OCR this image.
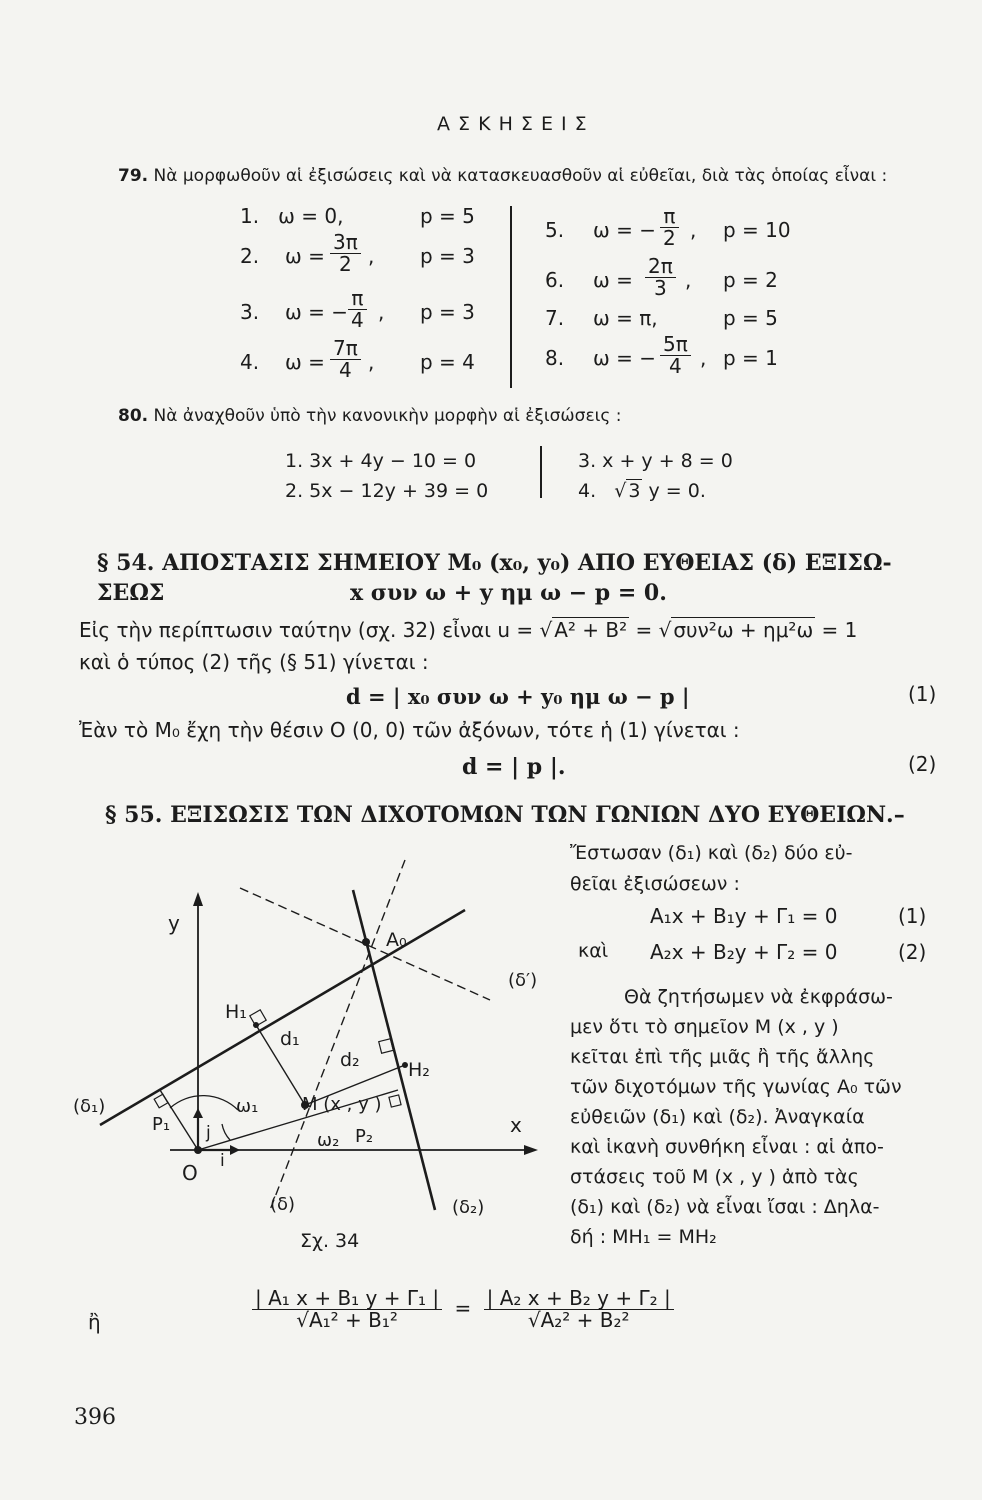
Α Σ Κ Η Σ Ε Ι Σ
79. Νὰ μορφωθοῦν αἱ ἐξισώσεις καὶ νὰ κατασκευασθοῦν αἱ εὐθεῖαι, διὰ τὰς ὁποίας εἶναι :
1. ω = 0,	p = 5
2. $\omega = \frac{3\pi}{2}$ , p = 3
3. ω = − $\frac{\pi}{4}$ , p = 3
4. $\omega = \frac{7\pi}{4}$ , p = 4
5. ω = − $\frac{\pi}{2}$ , p = 10
6. $\omega = \frac{2\pi}{3}$ , p = 2
7. ω = π,	p = 5
8. ω = − $\frac{5\pi}{4}$ , p = 1
80. Νὰ ἀναχθοῦν ὑπὸ τὴν κανονικὴν μορφὴν αἱ ἐξισώσεις :
1. 3x + 4y − 10 = 0
2. 5x − 12y + 39 = 0
3. x + y + 8 = 0
4.   √ 3 y = 0.
§ 54. ΑΠΟΣΤΑΣΙΣ ΣΗΜΕΙΟΥ M₀ (x₀, y₀) ΑΠΟ ΕΥΘΕΙΑΣ (δ) ΕΞΙΣΩ-
ΣΕΩΣ	x συν ω + y ημ ω − p = 0.
Εἰς τὴν περίπτωσιν ταύτην (σχ. 32) εἶναι u = √ A² + B² = √ συν²ω + ημ²ω = 1
καὶ ὁ τύπος (2) τῆς (§ 51) γίνεται :
d = | x₀ συν ω + y₀ ημ ω − p |	(1)
Ἐὰν τὸ M₀ ἔχη τὴν θέσιν O (0, 0) τῶν ἀξόνων, τότε ἡ (1) γίνεται :
d = | p |.	(2)
§ 55. ΕΞΙΣΩΣΙΣ ΤΩΝ ΔΙΧΟΤΟΜΩΝ ΤΩΝ ΓΩΝΙΩΝ ΔΥΟ ΕΥΘΕΙΩΝ.–
Ἔστωσαν (δ₁) καὶ (δ₂) δύο εὐ-
θεῖαι ἐξισώσεων :
A₁x + B₁y + Γ₁ = 0	(1)
καὶ A₂x + B₂y + Γ₂ = 0	(2)
Θὰ ζητήσωμεν νὰ ἐκφράσω-
μεν ὅτι τὸ σημεῖον M (x , y )
κεῖται ἐπὶ τῆς μιᾶς ἢ τῆς ἄλλης
τῶν διχοτόμων τῆς γωνίας A₀ τῶν
εὐθειῶν (δ₁) καὶ (δ₂). Ἀναγκαία
καὶ ἱκανὴ συνθήκη εἶναι : αἱ ἀπο-
στάσεις τοῦ M (x , y ) ἀπὸ τὰς
(δ₁) καὶ (δ₂) νὰ εἶναι ἴσαι : Δηλα-
δή : MH₁ = MH₂
y
x
O i
j
A₀
H₁
H₂
d₁
d₂
M (x , y )
P₁
P₂
ω₁
ω₂
(δ₁)
(δ₂)
(δ)
(δ′)
Σχ. 34
ἢ	$\frac{\text{| A₁ x + B₁ y + Γ₁ |}}{\text{√A₁² + B₁²}} = \frac{\text{| A₂ x + B₂ y + Γ₂ |}}{\text{√A₂² + B₂²}}$
396
